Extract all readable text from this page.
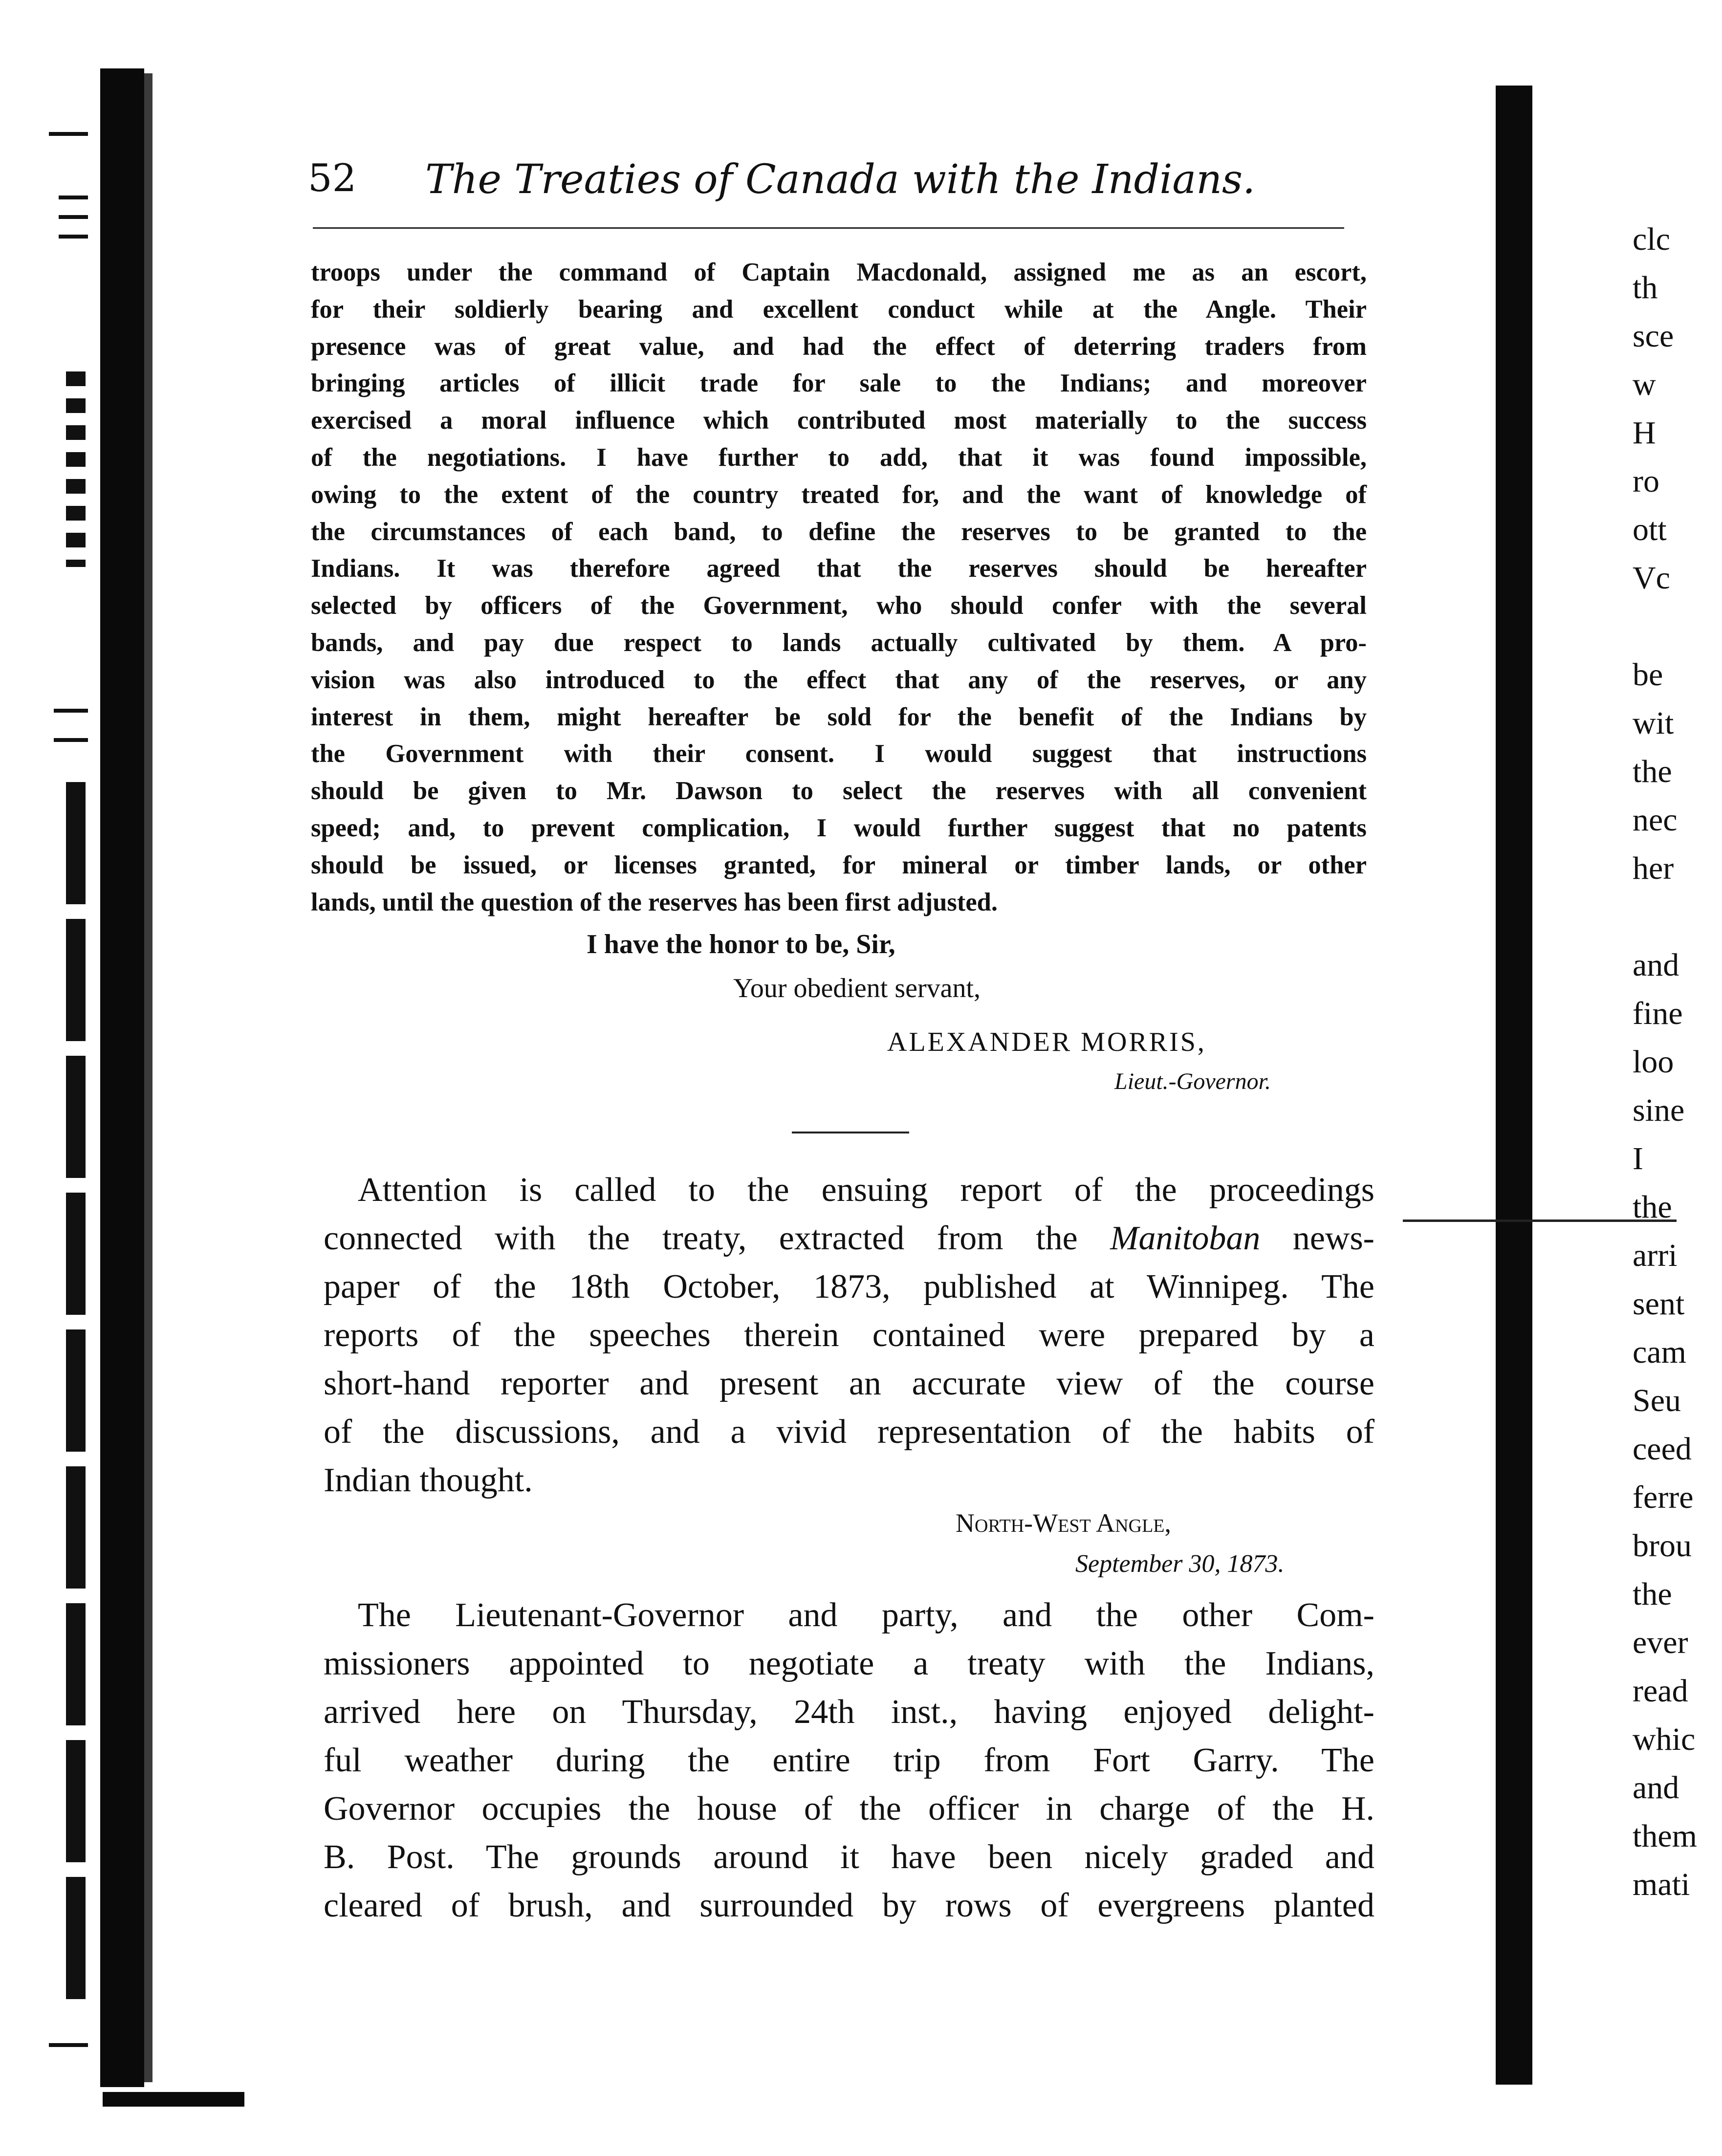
52 The Treaties of Canada with the Indians.
troops under the command of Captain Macdonald, assigned me as an escort,
for their soldierly bearing and excellent conduct while at the Angle. Their
presence was of great value, and had the effect of deterring traders from
bringing articles of illicit trade for sale to the Indians; and moreover
exercised a moral influence which contributed most materially to the success
of the negotiations. I have further to add, that it was found impossible,
owing to the extent of the country treated for, and the want of knowledge of
the circumstances of each band, to define the reserves to be granted to the
Indians. It was therefore agreed that the reserves should be hereafter
selected by officers of the Government, who should confer with the several
bands, and pay due respect to lands actually cultivated by them. A pro-
vision was also introduced to the effect that any of the reserves, or any
interest in them, might hereafter be sold for the benefit of the Indians by
the Government with their consent. I would suggest that instructions
should be given to Mr. Dawson to select the reserves with all convenient
speed; and, to prevent complication, I would further suggest that no patents
should be issued, or licenses granted, for mineral or timber lands, or other
lands, until the question of the reserves has been first adjusted.
I have the honor to be, Sir,
Your obedient servant,
ALEXANDER MORRIS,
Lieut.-Governor.
Attention is called to the ensuing report of the proceedings
connected with the treaty, extracted from the Manitoban news-
paper of the 18th October, 1873, published at Winnipeg. The
reports of the speeches therein contained were prepared by a
short-hand reporter and present an accurate view of the course
of the discussions, and a vivid representation of the habits of
Indian thought.
North-West Angle,
September 30, 1873.
The Lieutenant-Governor and party, and the other Com-
missioners appointed to negotiate a treaty with the Indians,
arrived here on Thursday, 24th inst., having enjoyed delight-
ful weather during the entire trip from Fort Garry. The
Governor occupies the house of the officer in charge of the H.
B. Post. The grounds around it have been nicely graded and
cleared of brush, and surrounded by rows of evergreens planted
clc
th
sce
w
H
ro
ott
Vc
be
wit
the
nec
her
and
fine
loo
sine
I
the
arri
sent
cam
Seu
ceed
ferre
brou
the
ever
read
whic
and
them
mati
